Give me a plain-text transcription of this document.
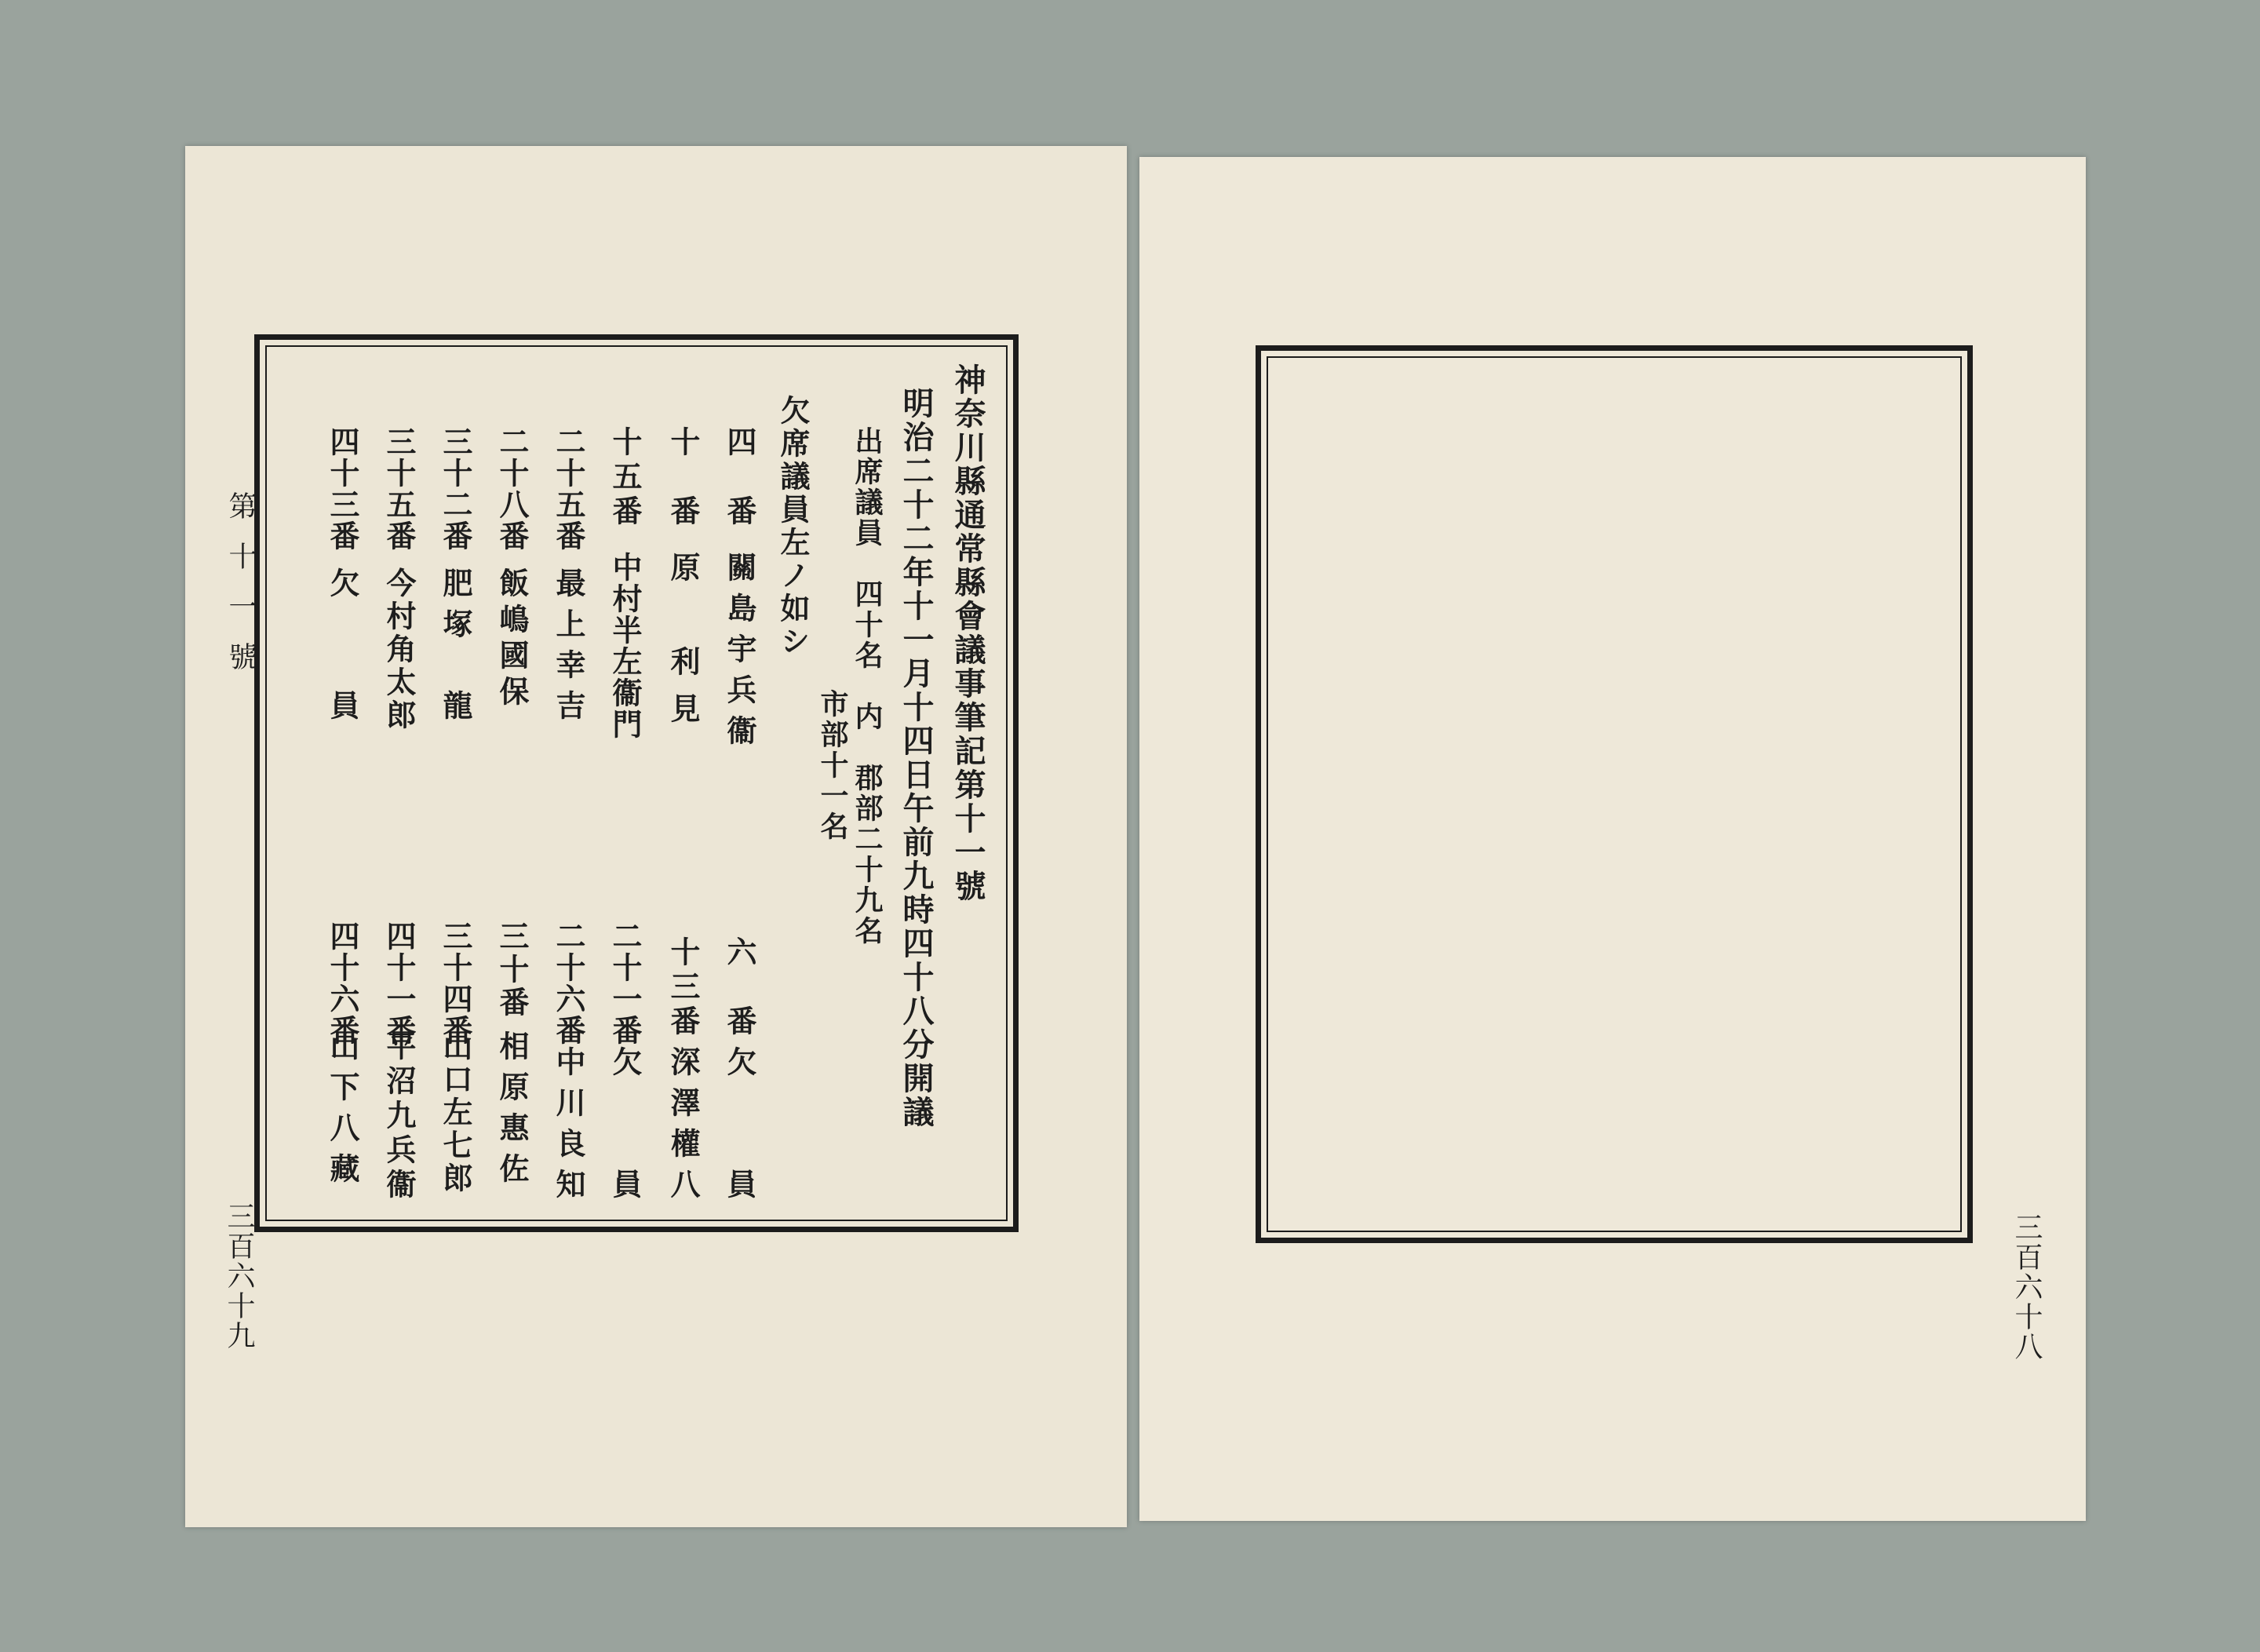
第十一號
三百六十九
神奈川縣通常縣會議事筆記第十一號
明治二十二年十一月十四日午前九時四十八分開議
出席議員　四十名　内　郡部二十九名
市部十一名
欠席議員左ノ如シ
四　番
關島宇兵衞
六　番
欠　員
十　番
原　利見
十三番
深澤權八
十五番
中村半左衞門
二十一番
欠　員
二十五番
最上幸吉
二十六番
中川良知
二十八番
飯嶋國保
三十番
相原惠佐
三十二番
肥塚　龍
三十四番
山口左七郎
三十五番
今村角太郎
四十一番
平沼九兵衞
四十三番
欠　員
四十六番
山下八藏
三百六十八
